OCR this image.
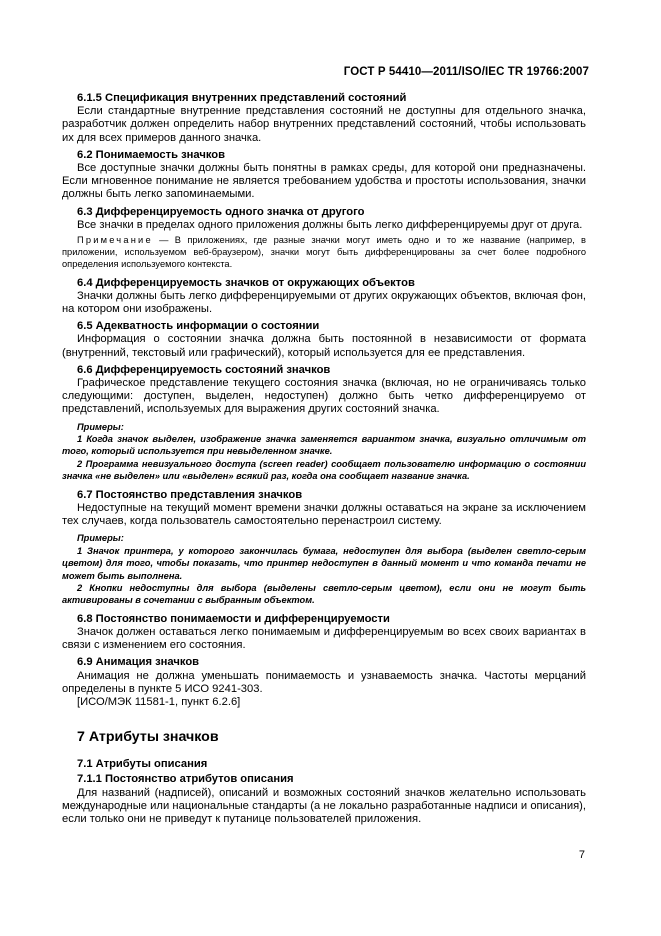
ГОСТ Р 54410—2011/ISO/IEC TR 19766:2007

6.1.5 Спецификация внутренних представлений состояний

Если стандартные внутренние представления состояний не доступны для отдельного значка, разработчик должен определить набор внутренних представлений состояний, чтобы использовать их для всех примеров данного значка.

6.2 Понимаемость значков

Все доступные значки должны быть понятны в рамках среды, для которой они предназначены. Если мгновенное понимание не является требованием удобства и простоты использования, значки должны быть легко запоминаемыми.

6.3 Дифференцируемость одного значка от другого

Все значки в пределах одного приложения должны быть легко дифференцируемы друг от друга.

Примечание — В приложениях, где разные значки могут иметь одно и то же название (например, в приложении, используемом веб-браузером), значки могут быть дифференцированы за счет более подробного определения используемого контекста.

6.4 Дифференцируемость значков от окружающих объектов

Значки должны быть легко дифференцируемыми от других окружающих объектов, включая фон, на котором они изображены.

6.5 Адекватность информации о состоянии

Информация о состоянии значка должна быть постоянной в независимости от формата (внутренний, текстовый или графический), который используется для ее представления.

6.6 Дифференцируемость состояний значков

Графическое представление текущего состояния значка (включая, но не ограничиваясь только следующими: доступен, выделен, недоступен) должно быть четко дифференцируемо от представлений, используемых для выражения других состояний значка.

Примеры:

1 Когда значок выделен, изображение значка заменяется вариантом значка, визуально отличимым от того, который используется при невыделенном значке.

2 Программа невизуального доступа (screen reader) сообщает пользователю информацию о состоянии значка «не выделен» или «выделен» всякий раз, когда она сообщает название значка.

6.7 Постоянство представления значков

Недоступные на текущий момент времени значки должны оставаться на экране за исключением тех случаев, когда пользователь самостоятельно перенастроил систему.

Примеры:

1 Значок принтера, у которого закончилась бумага, недоступен для выбора (выделен светло-серым цветом) для того, чтобы показать, что принтер недоступен в данный момент и что команда печати не может быть выполнена.

2 Кнопки недоступны для выбора (выделены светло-серым цветом), если они не могут быть активированы в сочетании с выбранным объектом.

6.8 Постоянство понимаемости и дифференцируемости

Значок должен оставаться легко понимаемым и дифференцируемым во всех своих вариантах в связи с изменением его состояния.

6.9 Анимация значков

Анимация не должна уменьшать понимаемость и узнаваемость значка. Частоты мерцаний определены в пункте 5 ИСО 9241-303.

[ИСО/МЭК 11581-1, пункт 6.2.6]

7 Атрибуты значков

7.1 Атрибуты описания

7.1.1 Постоянство атрибутов описания

Для названий (надписей), описаний и возможных состояний значков желательно использовать международные или национальные стандарты (а не локально разработанные надписи и описания), если только они не приведут к путанице пользователей приложения.

7
